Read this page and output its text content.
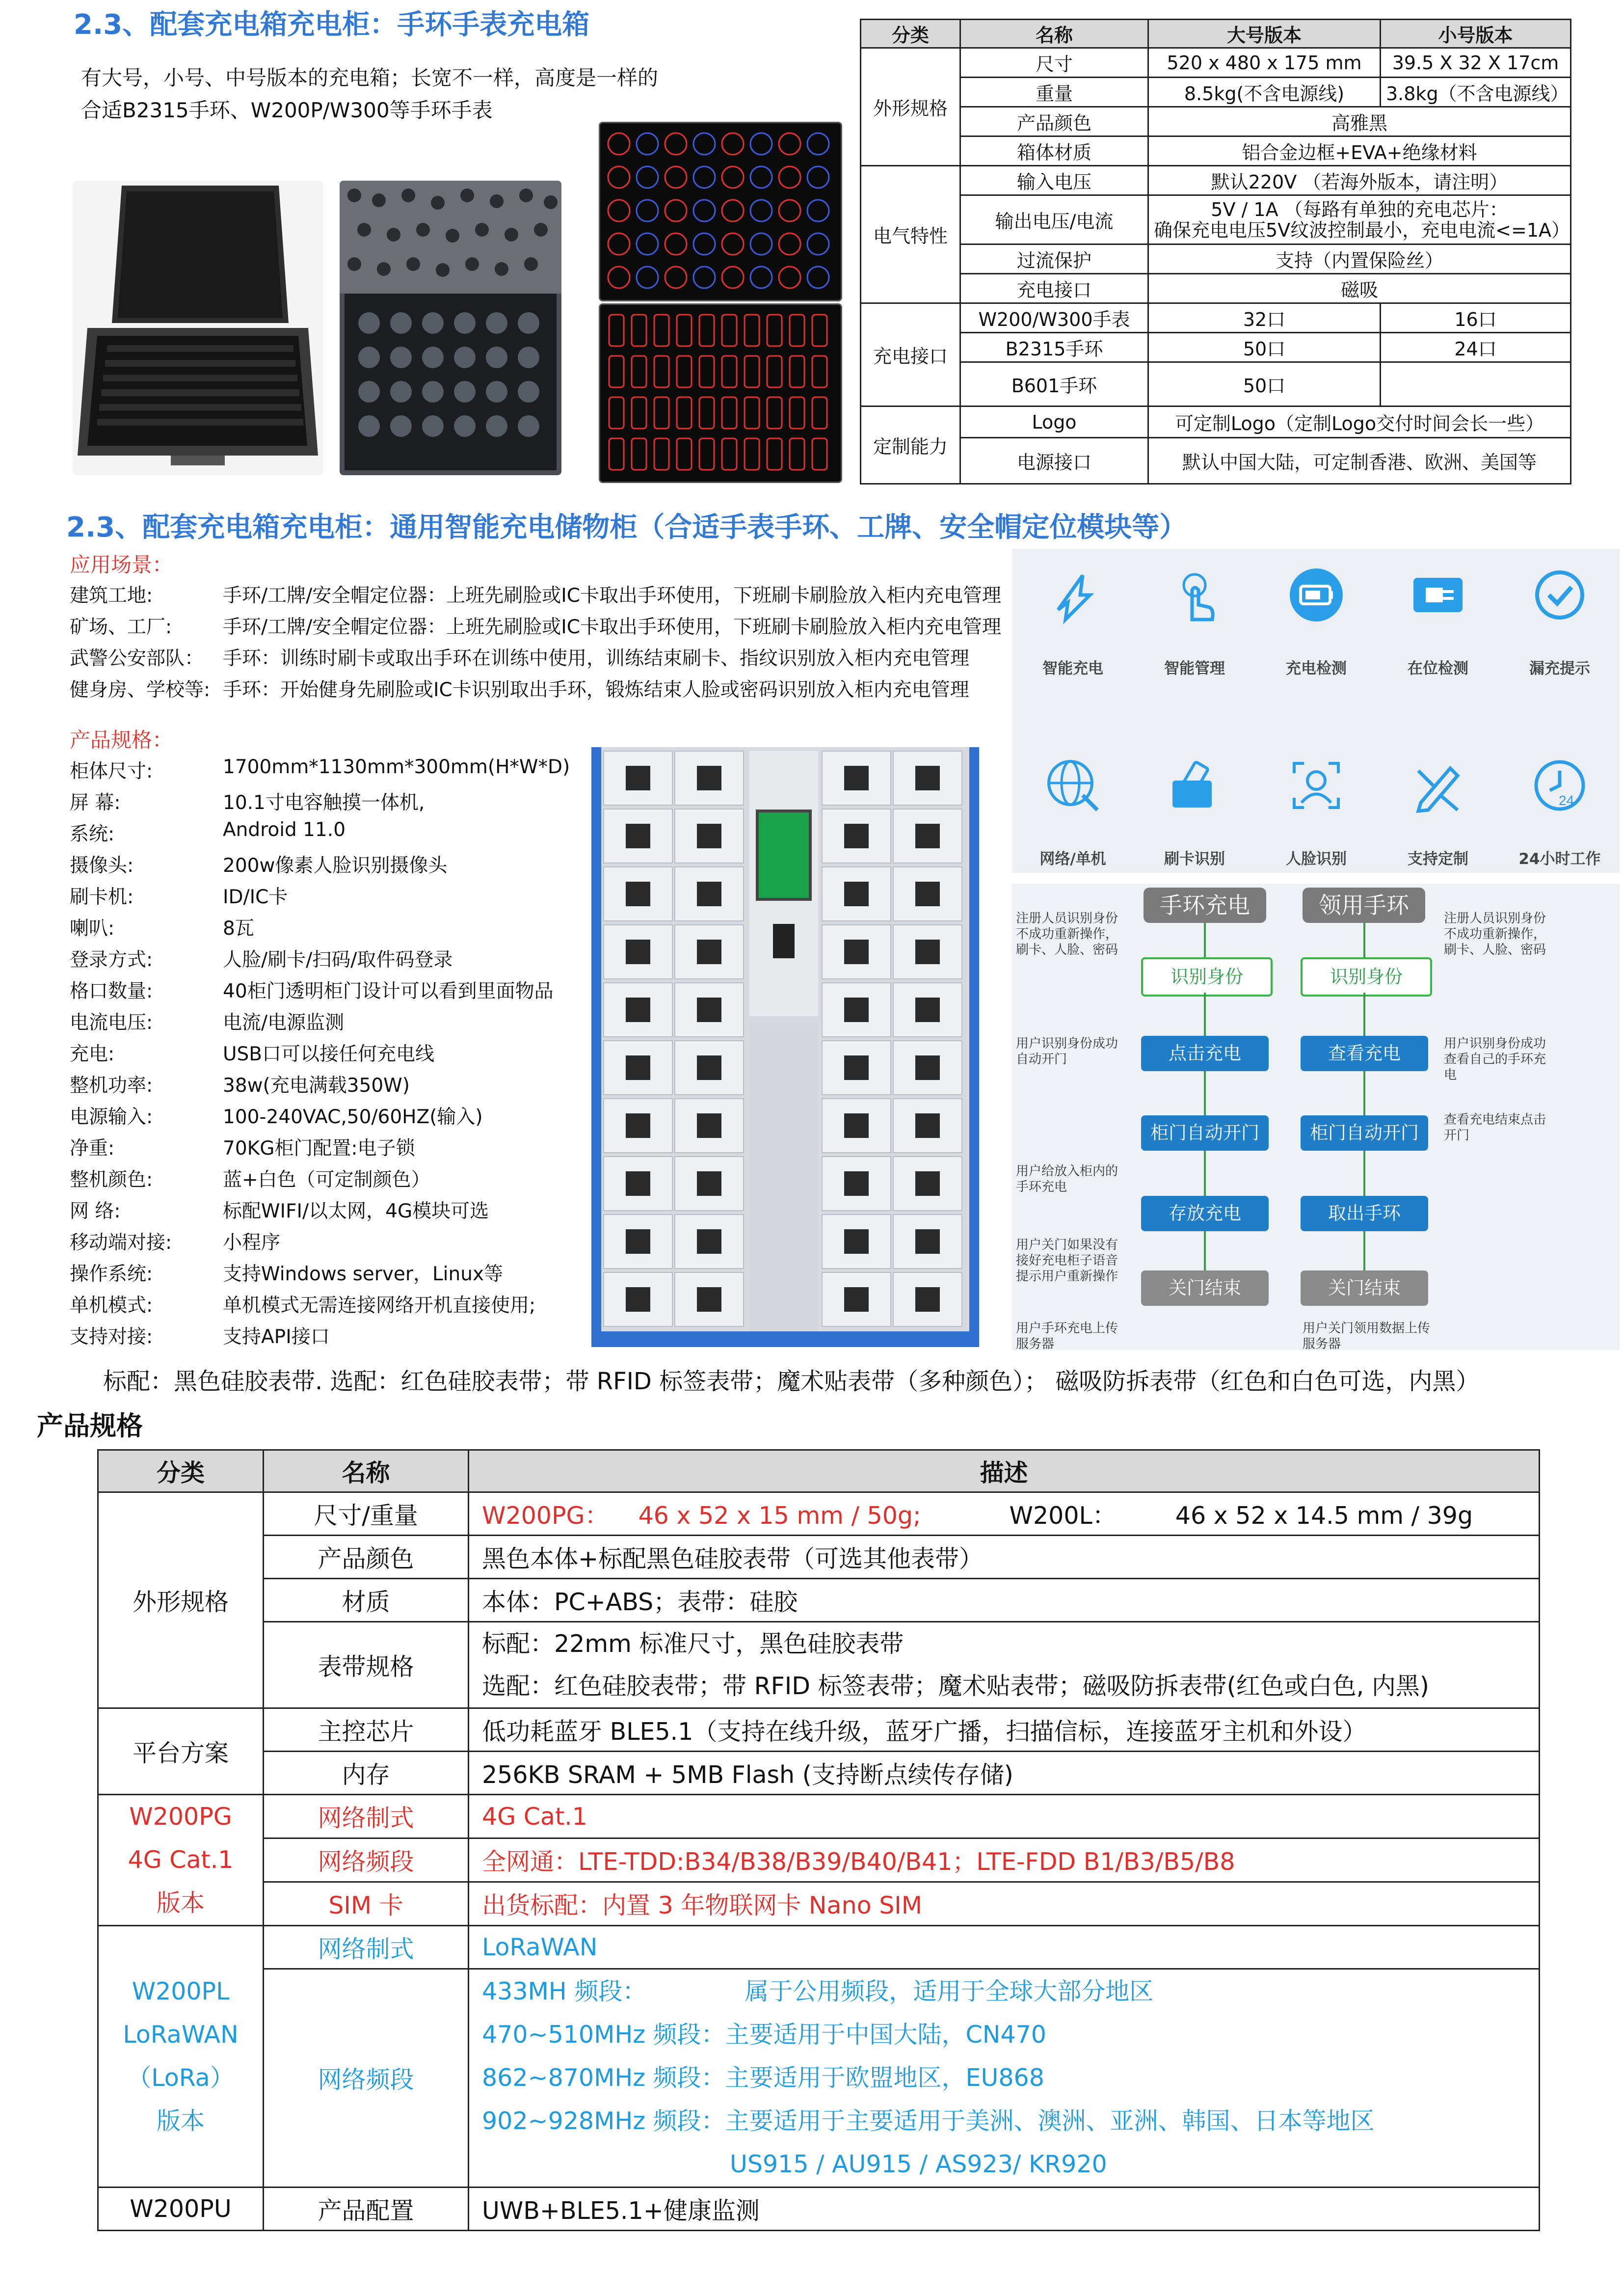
2.3、配套充电箱充电柜：手环手表充电箱
有大号，小号、中号版本的充电箱；长宽不一样，高度是一样的
合适B2315手环、W200P/W300等手环手表
分类	名称	大号版本	小号版本
外形规格	尺寸	520 x 480 x 175 mm	39.5 X 32 X 17cm
	重量	8.5kg(不含电源线)	3.8kg（不含电源线）
	产品颜色	高雅黑	
	箱体材质	铝合金边框+EVA+绝缘材料	
电气特性	输入电压	默认220V （若海外版本，请注明）	
	输出电压/电流	5V / 1A （每路有单独的充电芯片：
确保充电电压5V纹波控制最小，充电电流<=1A）	

	过流保护	支持（内置保险丝）	
	充电接口	磁吸	
充电接口	W200/W300手表	32口	16口
	B2315手环	50口	24口
	B601手环	50口	
定制能力	Logo	可定制Logo（定制Logo交付时间会长一些）	
	电源接口	默认中国大陆，可定制香港、欧洲、美国等	
2.3、配套充电箱充电柜：通用智能充电储物柜（合适手表手环、工牌、安全帽定位模块等）
应用场景：
建筑工地:	手环/工牌/安全帽定位器：上班先刷脸或IC卡取出手环使用，下班刷卡刷脸放入柜内充电管理
矿场、工厂:	手环/工牌/安全帽定位器：上班先刷脸或IC卡取出手环使用，下班刷卡刷脸放入柜内充电管理
武警公安部队： 手环：训练时刷卡或取出手环在训练中使用，训练结束刷卡、指纹识别放入柜内充电管理
健身房、学校等: 手环：开始健身先刷脸或IC卡识别取出手环，锻炼结束人脸或密码识别放入柜内充电管理
产品规格：
柜体尺寸:	1700mm*1130mm*300mm(H*W*D)
屏 幕:	10.1寸电容触摸一体机,
系统:	Android 11.0
摄像头:	200w像素人脸识别摄像头
刷卡机:	ID/IC卡
喇叭:	8瓦
登录方式:	人脸/刷卡/扫码/取件码登录
格口数量:	40柜门透明柜门设计可以看到里面物品
电流电压:	电流/电源监测
充电:	USB口可以接任何充电线
整机功率:	38w(充电满载350W)
电源输入:	100-240VAC,50/60HZ(输入)
净重:	70KG柜门配置:电子锁
整机颜色:	蓝+白色（可定制颜色）
网 络:	标配WIFI/以太网，4G模块可选
移动端对接:	小程序
操作系统:	支持Windows server，Linux等
单机模式:	单机模式无需连接网络开机直接使用;
支持对接:	支持API接口
智能充电	智能管理	充电检测	在位检测	漏充提示
网络/单机	刷卡识别	人脸识别	支持定制
24
24小时工作
手环充电	领用手环
识别身份
点击充电
柜门自动开门
存放充电
关门结束
识别身份
查看充电
柜门自动开门
取出手环
关门结束
注册人员识别身份不成功重新操作，刷卡、人脸、密码
用户识别身份成功自动开门
用户给放入柜内的手环充电
用户关门如果没有接好充电柜子语音提示用户重新操作
用户手环充电上传服务器
注册人员识别身份不成功重新操作，刷卡、人脸、密码
用户识别身份成功查看自己的手环充电
查看充电结束点击开门
用户关门领用数据上传服务器
标配：黑色硅胶表带. 选配：红色硅胶表带；带 RFID 标签表带；魔术贴表带（多种颜色）； 磁吸防拆表带（红色和白色可选，内黑）
产品规格
分类	名称	描述
外形规格	尺寸/重量	W200PG： 46 x 52 x 15 mm / 50g; W200L： 46 x 52 x 14.5 mm / 39g
	产品颜色	黑色本体+标配黑色硅胶表带（可选其他表带）
	材质	本体：PC+ABS；表带：硅胶
	表带规格	标配：22mm 标准尺寸，黑色硅胶表带
选配：红色硅胶表带；带 RFID 标签表带；魔术贴表带；磁吸防拆表带(红色或白色, 内黑)

平台方案	主控芯片	低功耗蓝牙 BLE5.1（支持在线升级，蓝牙广播，扫描信标，连接蓝牙主机和外设）
	内存	256KB SRAM + 5MB Flash (支持断点续传存储)

W200PG
4G Cat.1
版本	网络制式	4G Cat.1
	网络频段	全网通：LTE-TDD:B34/B38/B39/B40/B41；LTE-FDD B1/B3/B5/B8
	SIM 卡	出货标配：内置 3 年物联网卡 Nano SIM

W200PL
LoRaWAN
（LoRa）
版本	网络制式	LoRaWAN
	网络频段	433MH 频段： 属于公用频段，适用于全球大部分地区
470~510MHz 频段：主要适用于中国大陆，CN470
862~870MHz 频段：主要适用于欧盟地区，EU868
902~928MHz 频段：主要适用于主要适用于美洲、澳洲、亚洲、韩国、日本等地区
US915 / AU915 / AS923/ KR920

W200PU	产品配置	UWB+BLE5.1+健康监测
